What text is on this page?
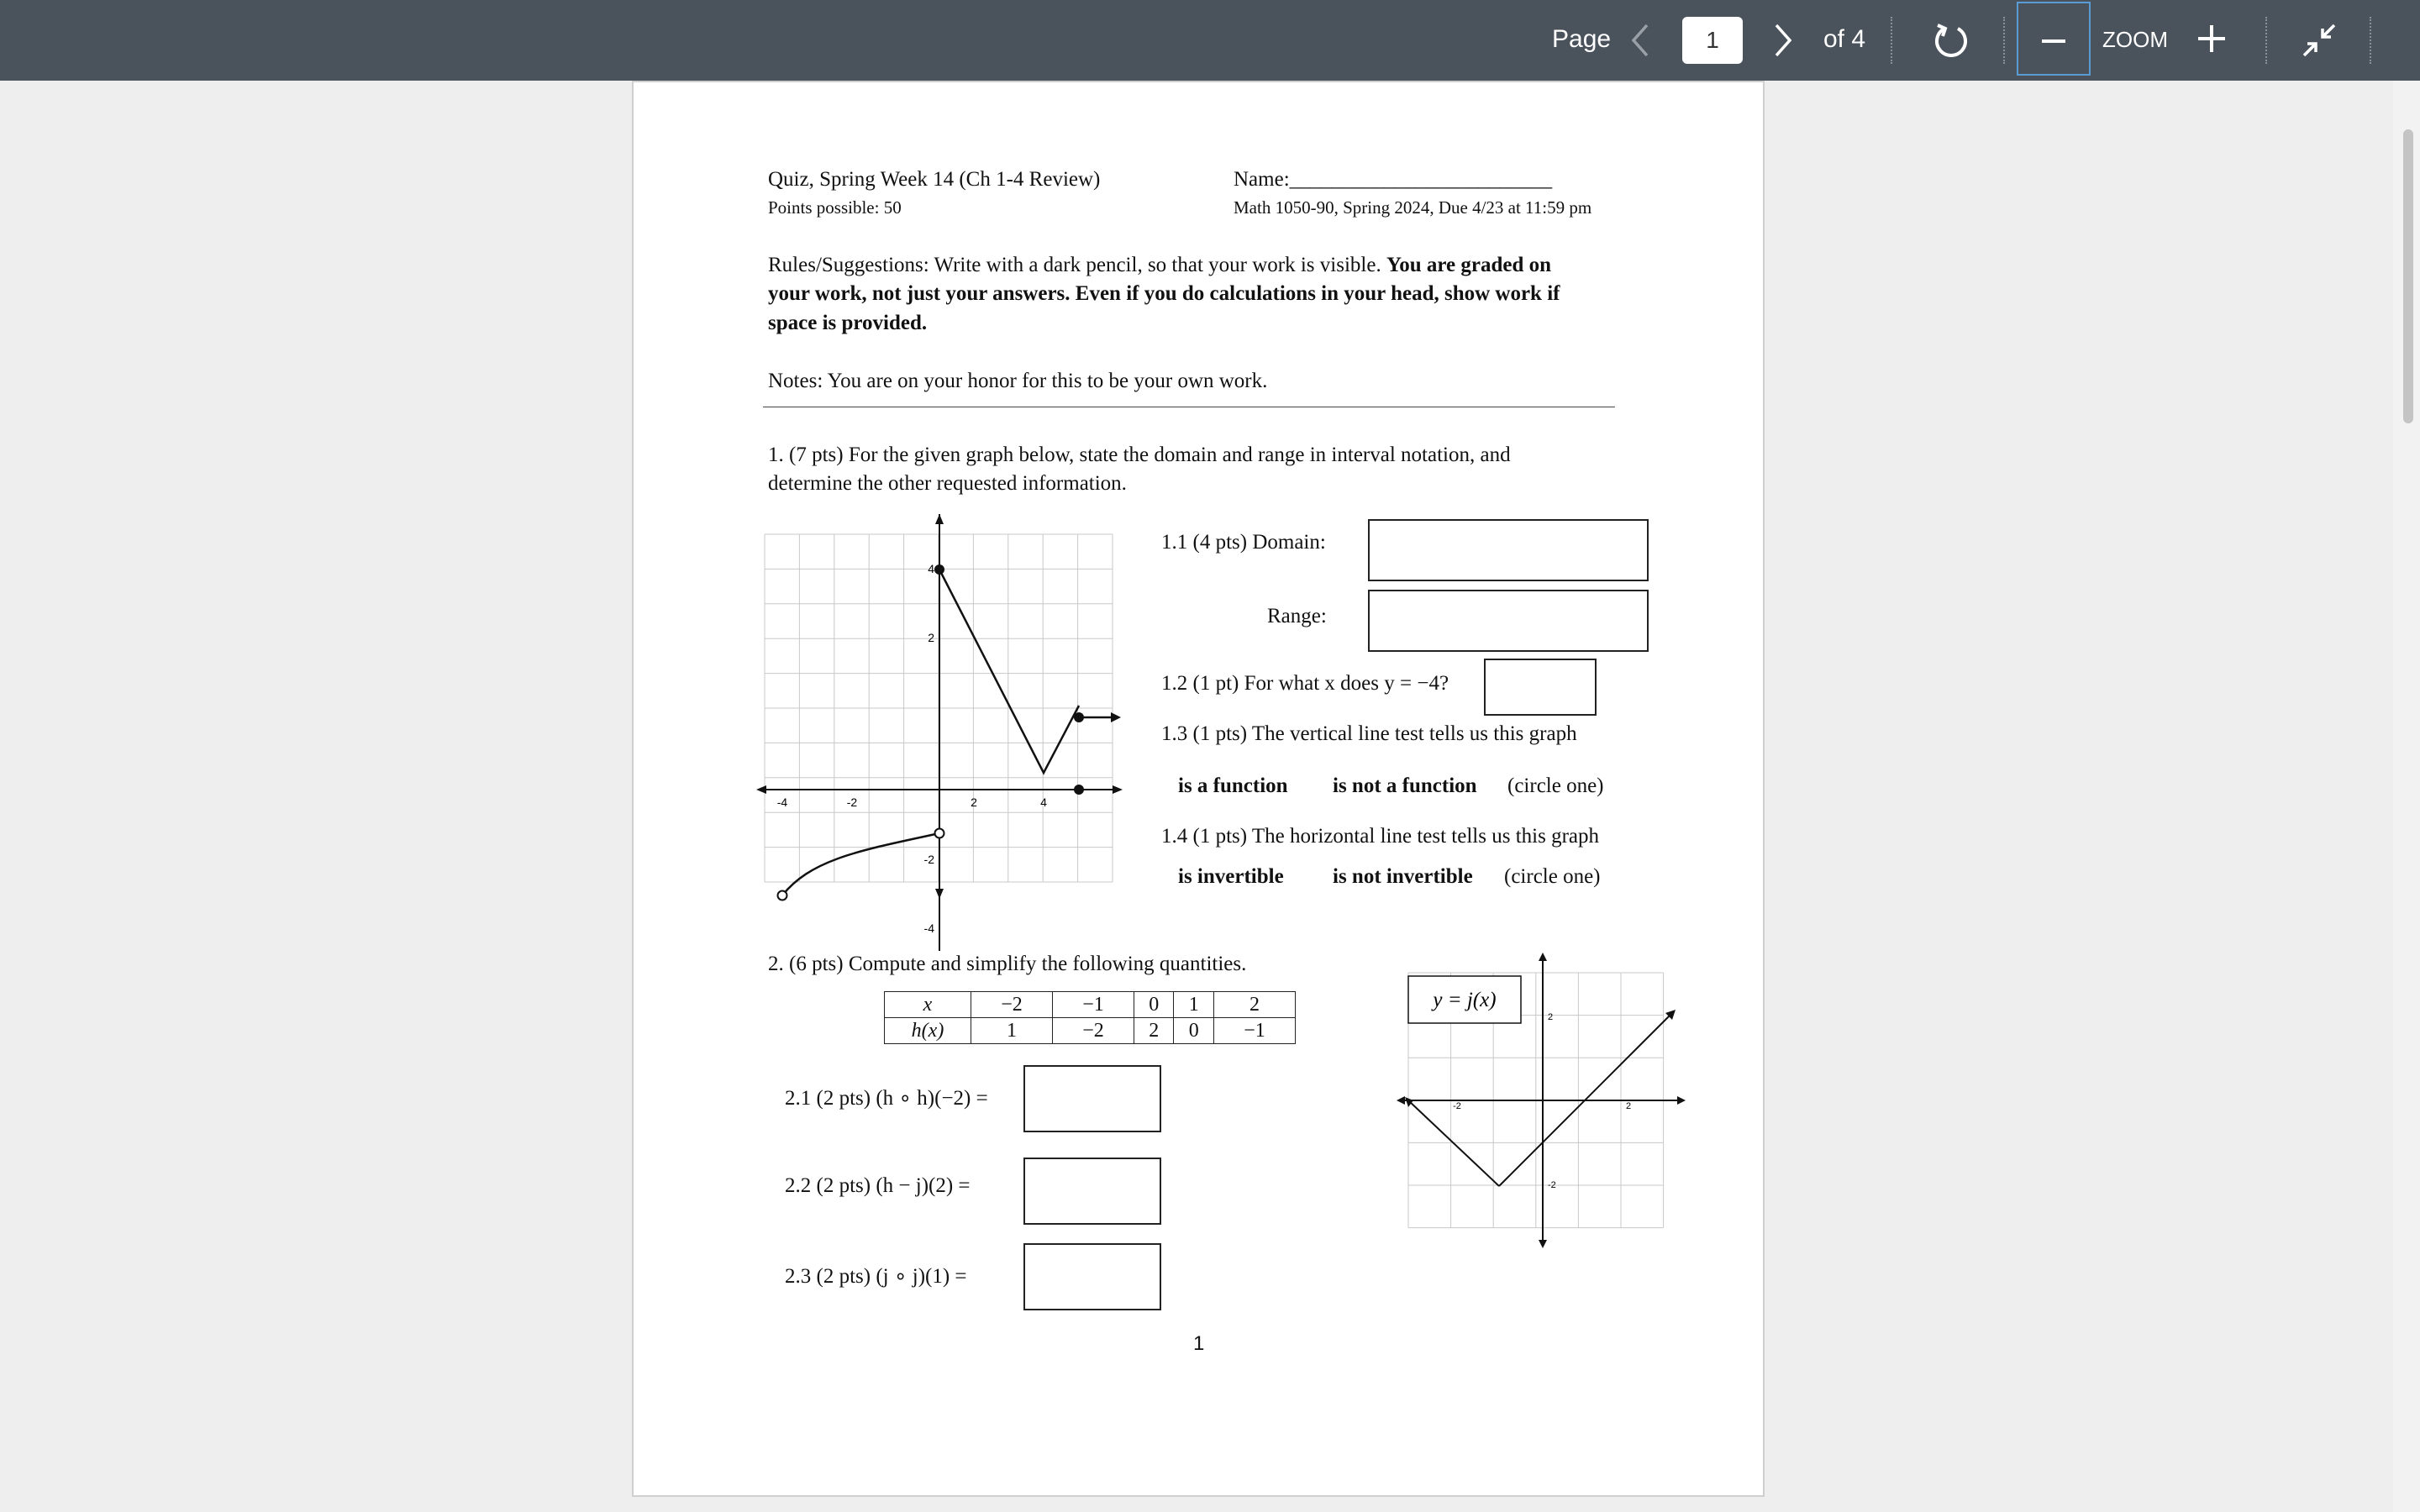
Page	1	of 4	ZOOM
Quiz, Spring Week 14 (Ch 1-4 Review)
Points possible: 50
Name:_________________________
Math 1050-90, Spring 2024, Due 4/23 at 11:59 pm
Rules/Suggestions: Write with a dark pencil, so that your work is visible. You are graded on
your work, not just your answers. Even if you do calculations in your head, show work if
space is provided.
Notes: You are on your honor for this to be your own work.
1. (7 pts) For the given graph below, state the domain and range in interval notation, and
determine the other requested information.
-4	-2	2	4
4
2
-2
-4
1.1 (4 pts) Domain:
Range:
1.2 (1 pt) For what x does y = −4?
1.3 (1 pts) The vertical line test tells us this graph
is a function is not a function (circle one)
1.4 (1 pts) The horizontal line test tells us this graph
is invertible is not invertible (circle one)
2. (6 pts) Compute and simplify the following quantities.
x	−2	−1	0	1	2
h(x)	1	−2	2	0	−1
2.1 (2 pts) (h ∘ h)(−2) =
2.2 (2 pts) (h − j)(2) =
2.3 (2 pts) (j ∘ j)(1) =
y = j(x)
-2	2
2
-2
1
